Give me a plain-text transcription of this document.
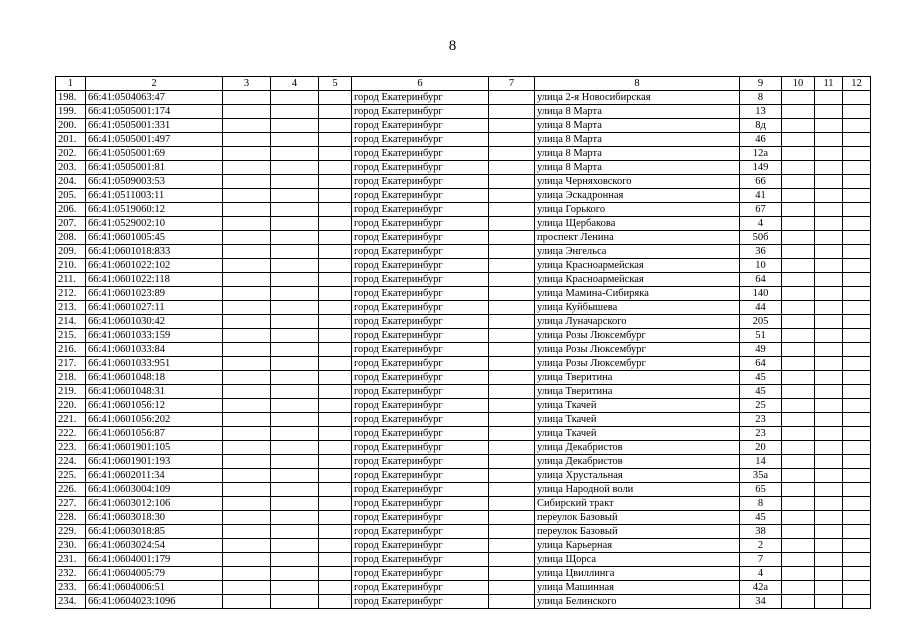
8
1	2	3	4	5	6	7	8	9	10	11	12
198.	66:41:0504063:47				город Екатеринбург		улица 2-я Новосибирская	8			
199.	66:41:0505001:174				город Екатеринбург		улица 8 Марта	13			
200.	66:41:0505001:331				город Екатеринбург		улица 8 Марта	8д			
201.	66:41:0505001:497				город Екатеринбург		улица 8 Марта	46			
202.	66:41:0505001:69				город Екатеринбург		улица 8 Марта	12а			
203.	66:41:0505001:81				город Екатеринбург		улица 8 Марта	149			
204.	66:41:0509003:53				город Екатеринбург		улица Черняховского	66			
205.	66:41:0511003:11				город Екатеринбург		улица Эскадронная	41			
206.	66:41:0519060:12				город Екатеринбург		улица Горького	67			
207.	66:41:0529002:10				город Екатеринбург		улица Щербакова	4			
208.	66:41:0601005:45				город Екатеринбург		проспект Ленина	50б			
209.	66:41:0601018:833				город Екатеринбург		улица Энгельса	36			
210.	66:41:0601022:102				город Екатеринбург		улица Красноармейская	10			
211.	66:41:0601022:118				город Екатеринбург		улица Красноармейская	64			
212.	66:41:0601023:89				город Екатеринбург		улица Мамина-Сибиряка	140			
213.	66:41:0601027:11				город Екатеринбург		улица Куйбышева	44			
214.	66:41:0601030:42				город Екатеринбург		улица Луначарского	205			
215.	66:41:0601033:159				город Екатеринбург		улица Розы Люксембург	51			
216.	66:41:0601033:84				город Екатеринбург		улица Розы Люксембург	49			
217.	66:41:0601033:951				город Екатеринбург		улица Розы Люксембург	64			
218.	66:41:0601048:18				город Екатеринбург		улица Тверитина	45			
219.	66:41:0601048:31				город Екатеринбург		улица Тверитина	45			
220.	66:41:0601056:12				город Екатеринбург		улица Ткачей	25			
221.	66:41:0601056:202				город Екатеринбург		улица Ткачей	23			
222.	66:41:0601056:87				город Екатеринбург		улица Ткачей	23			
223.	66:41:0601901:105				город Екатеринбург		улица Декабристов	20			
224.	66:41:0601901:193				город Екатеринбург		улица Декабристов	14			
225.	66:41:0602011:34				город Екатеринбург		улица Хрустальная	35а			
226.	66:41:0603004:109				город Екатеринбург		улица Народной воли	65			
227.	66:41:0603012:106				город Екатеринбург		Сибирский тракт	8			
228.	66:41:0603018:30				город Екатеринбург		переулок Базовый	45			
229.	66:41:0603018:85				город Екатеринбург		переулок Базовый	38			
230.	66:41:0603024:54				город Екатеринбург		улица Карьерная	2			
231.	66:41:0604001:179				город Екатеринбург		улица Щорса	7			
232.	66:41:0604005:79				город Екатеринбург		улица Цвиллинга	4			
233.	66:41:0604006:51				город Екатеринбург		улица Машинная	42а			
234.	66:41:0604023:1096				город Екатеринбург		улица Белинского	34			
